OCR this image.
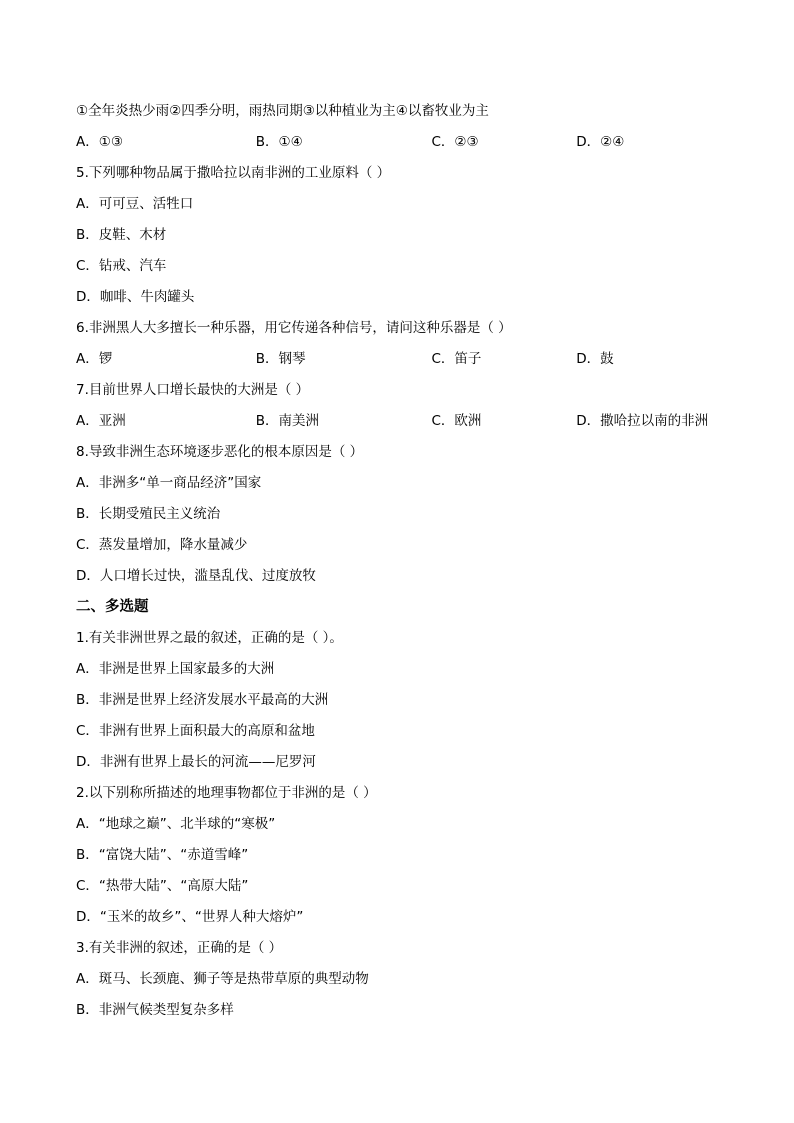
①全年炎热少雨②四季分明，雨热同期③以种植业为主④以畜牧业为主
A．①③	B．①④	C．②③	D．②④
5.下列哪种物品属于撒哈拉以南非洲的工业原料（ ）
A．可可豆、活牲口
B．皮鞋、木材
C．钻戒、汽车
D．咖啡、牛肉罐头
6.非洲黑人大多擅长一种乐器，用它传递各种信号，请问这种乐器是（ ）
A．锣	B．钢琴	C．笛子	D．鼓
7.目前世界人口增长最快的大洲是（ ）
A．亚洲	B．南美洲	C．欧洲	D．撒哈拉以南的非洲
8.导致非洲生态环境逐步恶化的根本原因是（ ）
A．非洲多“单一商品经济”国家
B．长期受殖民主义统治
C．蒸发量增加，降水量减少
D．人口增长过快，滥垦乱伐、过度放牧
二、多选题
1.有关非洲世界之最的叙述，正确的是（ ）。
A．非洲是世界上国家最多的大洲
B．非洲是世界上经济发展水平最高的大洲
C．非洲有世界上面积最大的高原和盆地
D．非洲有世界上最长的河流——尼罗河
2.以下别称所描述的地理事物都位于非洲的是（ ）
A．“地球之巅”、北半球的“寒极”
B．“富饶大陆”、“赤道雪峰”
C．“热带大陆”、“高原大陆”
D．“玉米的故乡”、“世界人种大熔炉”
3.有关非洲的叙述，正确的是（ ）
A．斑马、长颈鹿、狮子等是热带草原的典型动物
B．非洲气候类型复杂多样
